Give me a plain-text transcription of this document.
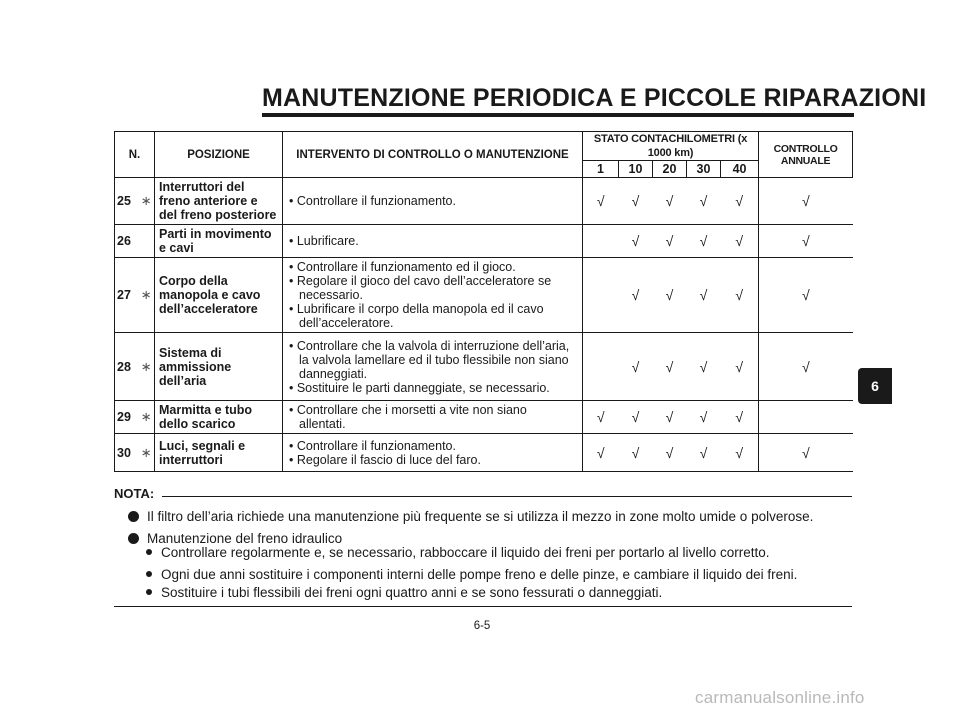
MANUTENZIONE PERIODICA E PICCOLE RIPARAZIONI
N.		POSIZIONE	INTERVENTO DI CONTROLLO O MANUTENZIONE	STATO CONTACHILOMETRI (x 1000 km)					CONTROLLO
ANNUALE

				1	10	20	30	40	
25	∗	Interruttori del freno anteriore e del freno posteriore	• Controllare il funzionamento.	√	√	√	√	√	√
26		Parti in movimento e cavi	• Lubrificare.		√	√	√	√	√
27	∗	Corpo della manopola e cavo dell’acceleratore	• Controllare il funzionamento ed il gioco.
• Regolare il gioco del cavo dell’acceleratore se necessario.
• Lubrificare il corpo della manopola ed il cavo dell’acceleratore.		√	√	√	√	√
28	∗	Sistema di ammissione dell’aria	• Controllare che la valvola di interruzione dell’aria, la valvola lamellare ed il tubo flessibile non siano danneggiati.
• Sostituire le parti danneggiate, se necessario.		√	√	√	√	√
29	∗	Marmitta e tubo dello scarico	• Controllare che i morsetti a vite non siano allentati.	√	√	√	√	√	
30	∗	Luci, segnali e interruttori	• Controllare il funzionamento.
• Regolare il fascio di luce del faro.	√	√	√	√	√	√
NOTA:
Il filtro dell’aria richiede una manutenzione più frequente se si utilizza il mezzo in zone molto umide o polverose.
Manutenzione del freno idraulico
Controllare regolarmente e, se necessario, rabboccare il liquido dei freni per portarlo al livello corretto.
Ogni due anni sostituire i componenti interni delle pompe freno e delle pinze, e cambiare il liquido dei freni.
Sostituire i tubi flessibili dei freni ogni quattro anni e se sono fessurati o danneggiati.
6-5
6
carmanualsonline.info
